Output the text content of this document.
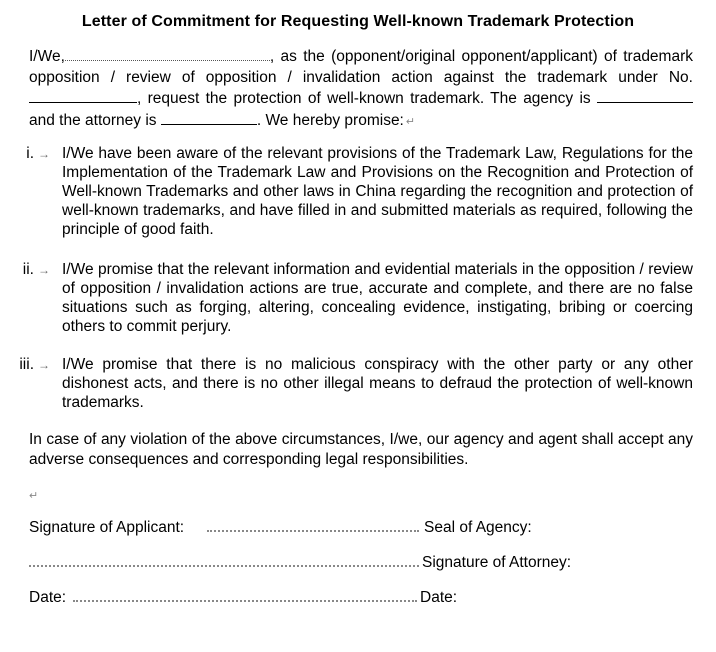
Letter of Commitment for Requesting Well-known Trademark Protection
I/We,	, as the (opponent/original opponent/applicant) of trademark opposition / review of opposition / invalidation action against the trademark under No. , request the protection of well-known trademark. The agency is and the attorney is	. We hereby promise: ↵
i. → I/We have been aware of the relevant provisions of the Trademark Law, Regulations for the Implementation of the Trademark Law and Provisions on the Recognition and Protection of Well-known Trademarks and other laws in China regarding the recognition and protection of well-known trademarks, and have filled in and submitted materials as required, following the principle of good faith.
ii. → I/We promise that the relevant information and evidential materials in the opposition / review of opposition / invalidation actions are true, accurate and complete, and there are no false situations such as forging, altering, concealing evidence, instigating, bribing or coercing others to commit perjury.
iii. → I/We promise that there is no malicious conspiracy with the other party or any other dishonest acts, and there is no other illegal means to defraud the protection of well-known trademarks.
In case of any violation of the above circumstances, I/we, our agency and agent shall accept any adverse consequences and corresponding legal responsibilities.
↵
Signature of Applicant:	Seal of Agency:
Signature of Attorney:
Date:	Date:
